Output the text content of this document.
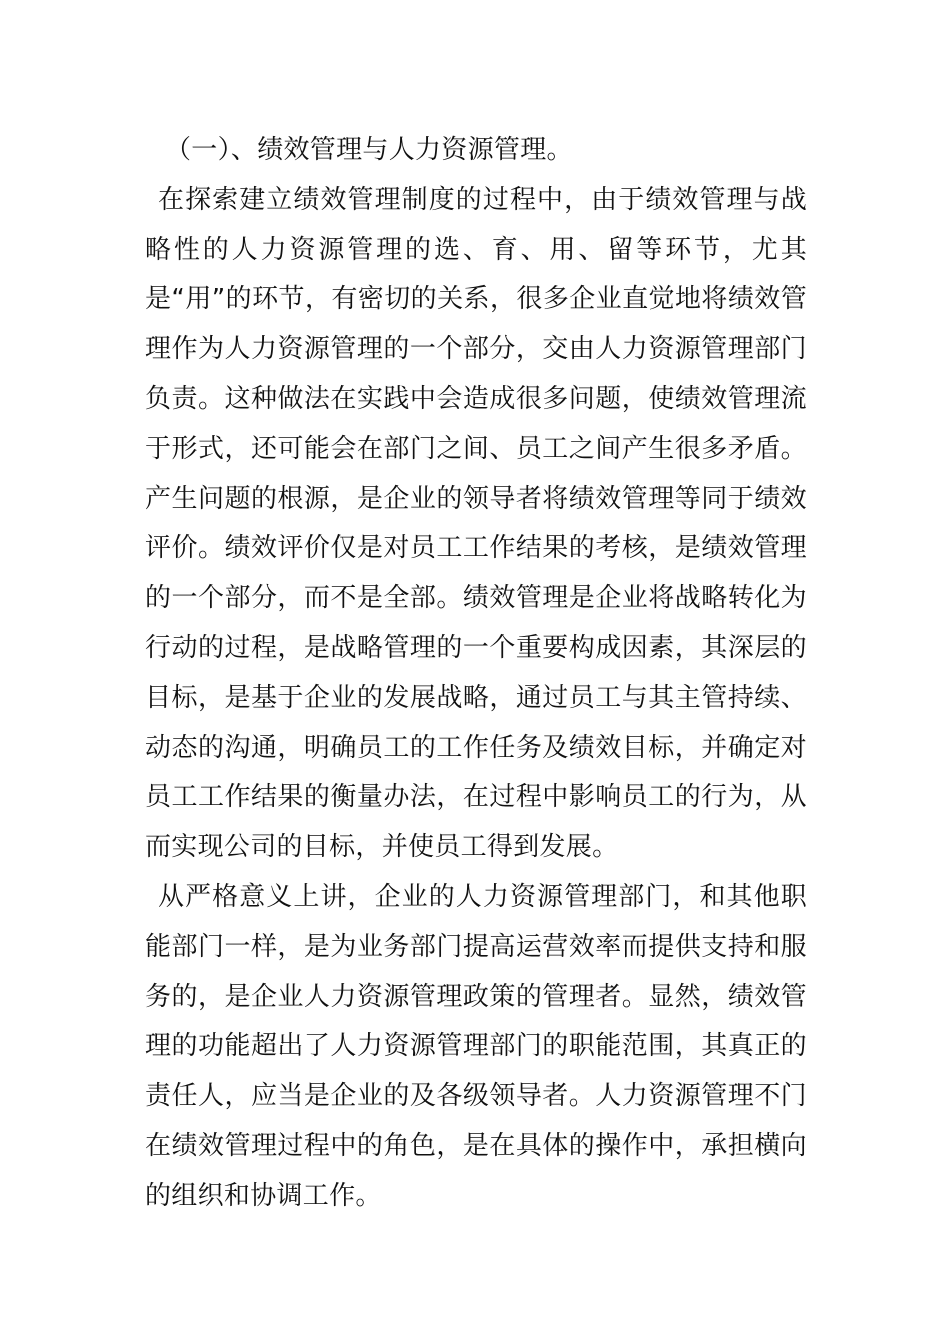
（一）、绩效管理与人力资源管理。

在探索建立绩效管理制度的过程中，由于绩效管理与战略性的人力资源管理的选、育、用、留等环节，尤其是“用”的环节，有密切的关系，很多企业直觉地将绩效管理作为人力资源管理的一个部分，交由人力资源管理部门负责。这种做法在实践中会造成很多问题，使绩效管理流于形式，还可能会在部门之间、员工之间产生很多矛盾。产生问题的根源，是企业的领导者将绩效管理等同于绩效评价。绩效评价仅是对员工工作结果的考核，是绩效管理的一个部分，而不是全部。绩效管理是企业将战略转化为行动的过程，是战略管理的一个重要构成因素，其深层的目标，是基于企业的发展战略，通过员工与其主管持续、动态的沟通，明确员工的工作任务及绩效目标，并确定对员工工作结果的衡量办法，在过程中影响员工的行为，从而实现公司的目标，并使员工得到发展。

从严格意义上讲，企业的人力资源管理部门，和其他职能部门一样，是为业务部门提高运营效率而提供支持和服务的，是企业人力资源管理政策的管理者。显然，绩效管理的功能超出了人力资源管理部门的职能范围，其真正的责任人，应当是企业的及各级领导者。人力资源管理不门在绩效管理过程中的角色，是在具体的操作中，承担横向的组织和协调工作。
